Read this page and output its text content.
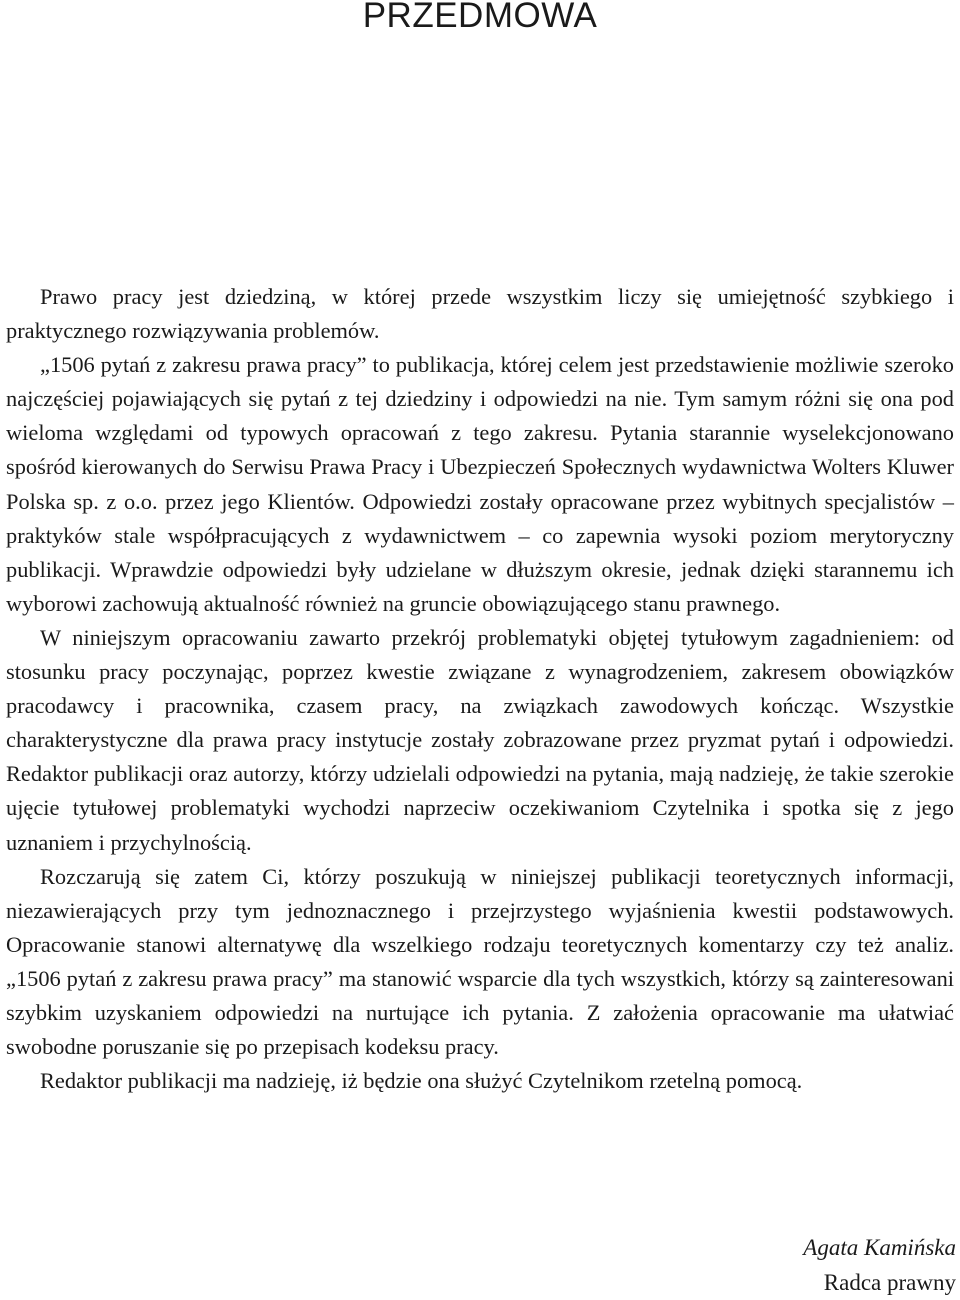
PRZEDMOWA

Prawo pracy jest dziedziną, w której przede wszystkim liczy się umiejętność szybkiego i praktycznego rozwiązywania problemów.

„1506 pytań z zakresu prawa pracy” to publikacja, której celem jest przedstawienie możliwie szeroko najczęściej pojawiających się pytań z tej dziedziny i odpowiedzi na nie. Tym samym różni się ona pod wieloma względami od typowych opracowań z tego zakresu. Pytania starannie wyselekcjonowano spośród kierowanych do Serwisu Prawa Pracy i Ubezpieczeń Społecznych wydawnictwa Wolters Kluwer Polska sp. z o.o. przez jego Klientów. Odpowiedzi zostały opracowane przez wybitnych specjalistów – praktyków stale współpracujących z wydawnictwem – co zapewnia wysoki poziom merytoryczny publikacji. Wprawdzie odpowiedzi były udzielane w dłuższym okresie, jednak dzięki starannemu ich wyborowi zachowują aktualność również na gruncie obowiązującego stanu prawnego.

W niniejszym opracowaniu zawarto przekrój problematyki objętej tytułowym zagadnieniem: od stosunku pracy poczynając, poprzez kwestie związane z wynagrodzeniem, zakresem obowiązków pracodawcy i pracownika, czasem pracy, na związkach zawodowych kończąc. Wszystkie charakterystyczne dla prawa pracy instytucje zostały zobrazowane przez pryzmat pytań i odpowiedzi. Redaktor publikacji oraz autorzy, którzy udzielali odpowiedzi na pytania, mają nadzieję, że takie szerokie ujęcie tytułowej problematyki wychodzi naprzeciw oczekiwaniom Czytelnika i spotka się z jego uznaniem i przychylnością.

Rozczarują się zatem Ci, którzy poszukują w niniejszej publikacji teoretycznych informacji, niezawierających przy tym jednoznacznego i przejrzystego wyjaśnienia kwestii podstawowych. Opracowanie stanowi alternatywę dla wszelkiego rodzaju teoretycznych komentarzy czy też analiz. „1506 pytań z zakresu prawa pracy” ma stanowić wsparcie dla tych wszystkich, którzy są zainteresowani szybkim uzyskaniem odpowiedzi na nurtujące ich pytania. Z założenia opracowanie ma ułatwiać swobodne poruszanie się po przepisach kodeksu pracy.

Redaktor publikacji ma nadzieję, iż będzie ona służyć Czytelnikom rzetelną pomocą.

Agata Kamińska
Radca prawny
